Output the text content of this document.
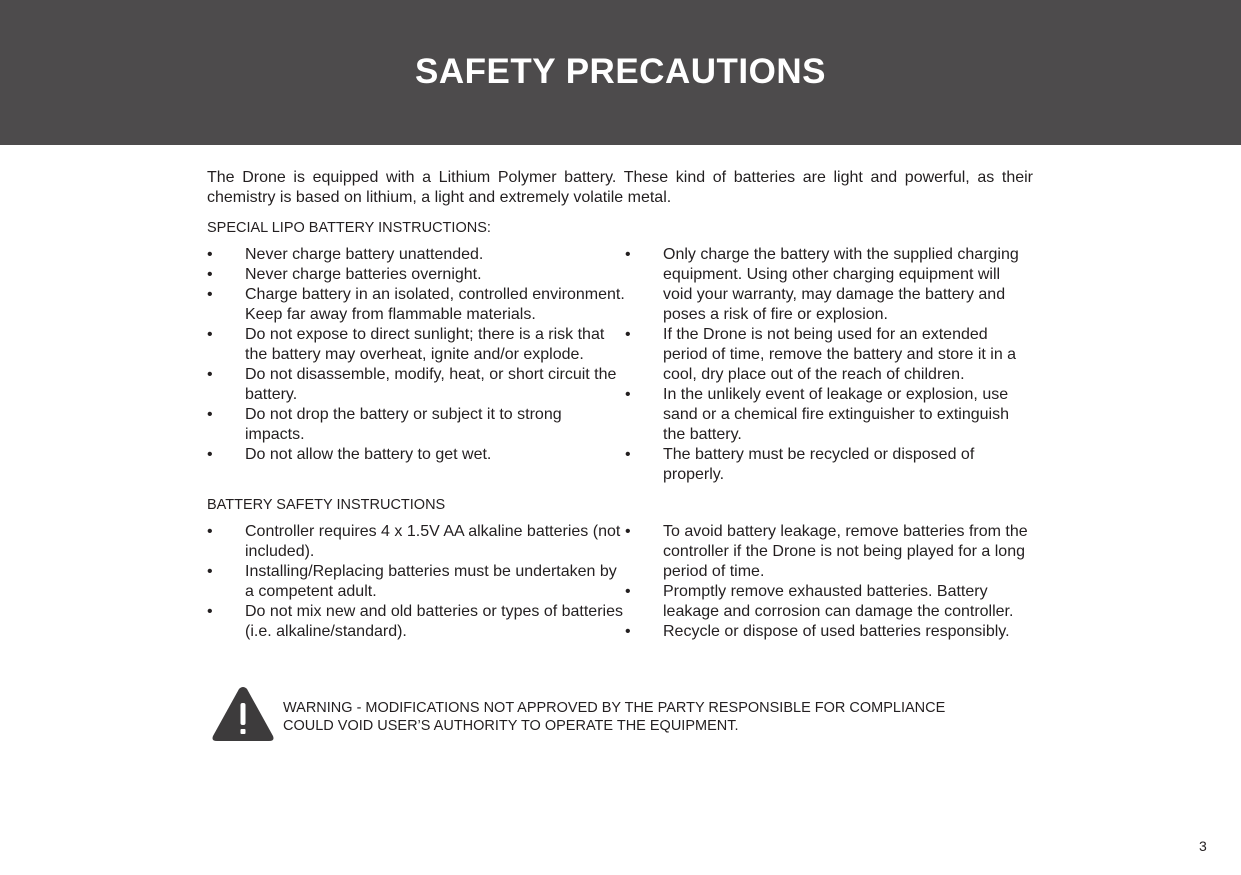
SAFETY PRECAUTIONS

The Drone is equipped with a Lithium Polymer battery. These kind of batteries are light and powerful, as their chemistry is based on lithium, a light and extremely volatile metal.

SPECIAL LIPO BATTERY INSTRUCTIONS:
• Never charge battery unattended.
• Never charge batteries overnight.
• Charge battery in an isolated, controlled environment. Keep far away from flammable materials.
• Do not expose to direct sunlight; there is a risk that the battery may overheat, ignite and/or explode.
• Do not disassemble, modify, heat, or short circuit the battery.
• Do not drop the battery or subject it to strong impacts.
• Do not allow the battery to get wet.
• Only charge the battery with the supplied charging equipment. Using other charging equipment will void your warranty, may damage the battery and poses a risk of fire or explosion.
• If the Drone is not being used for an extended period of time, remove the battery and store it in a cool, dry place out of the reach of children.
• In the unlikely event of leakage or explosion, use sand or a chemical fire extinguisher to extinguish the battery.
• The battery must be recycled or disposed of properly.
BATTERY SAFETY INSTRUCTIONS
• Controller requires 4 x 1.5V AA alkaline batteries (not included).
• Installing/Replacing batteries must be undertaken by a competent adult.
• Do not mix new and old batteries or types of batteries (i.e. alkaline/standard).
• To avoid battery leakage, remove batteries from the controller if the Drone is not being played for a long period of time.
• Promptly remove exhausted batteries. Battery leakage and corrosion can damage the controller.
• Recycle or dispose of used batteries responsibly.
WARNING - MODIFICATIONS NOT APPROVED BY THE PARTY RESPONSIBLE FOR COMPLIANCE
COULD VOID USER’S AUTHORITY TO OPERATE THE EQUIPMENT.
3
